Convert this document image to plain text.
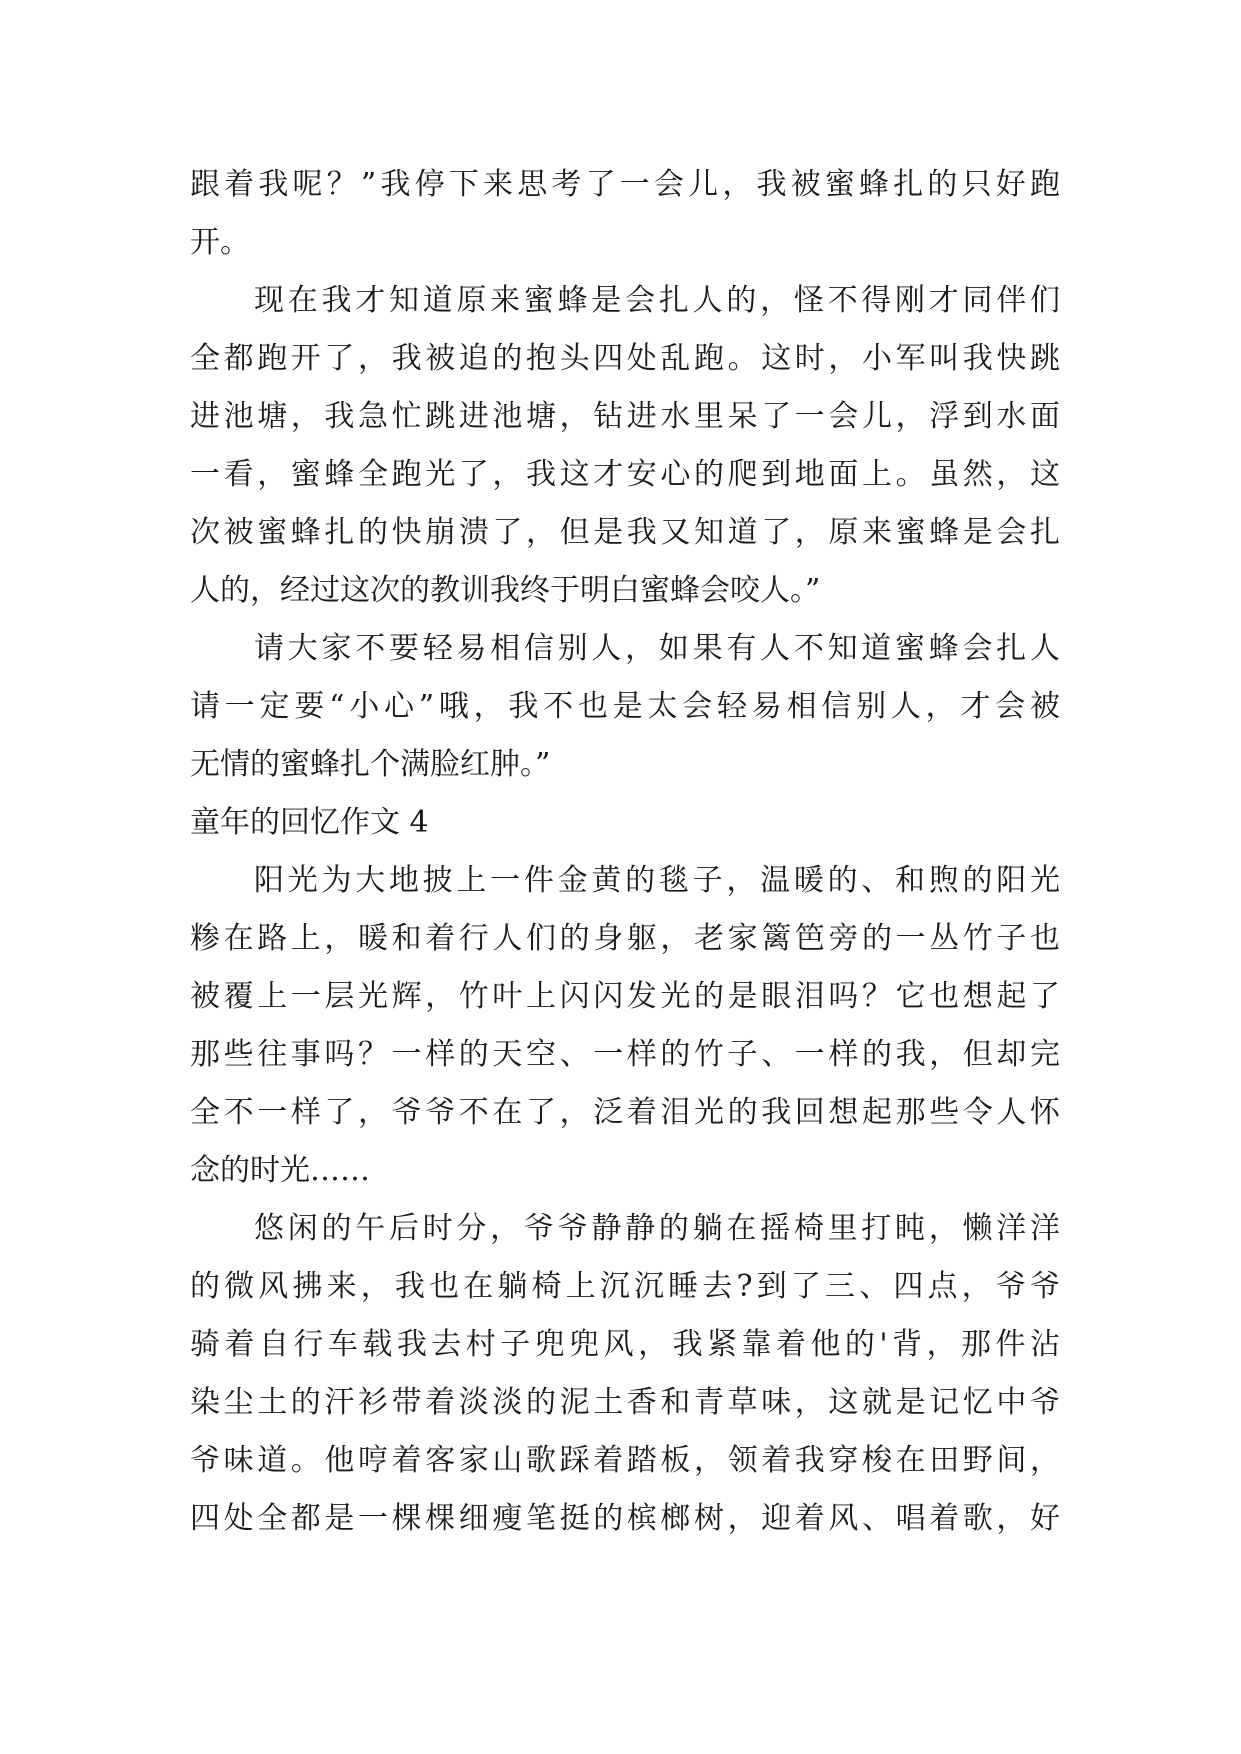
跟着我呢？”我停下来思考了一会儿，我被蜜蜂扎的只好跑
开。
现在我才知道原来蜜蜂是会扎人的，怪不得刚才同伴们
全都跑开了，我被追的抱头四处乱跑。这时，小军叫我快跳
进池塘，我急忙跳进池塘，钻进水里呆了一会儿，浮到水面
一看，蜜蜂全跑光了，我这才安心的爬到地面上。虽然，这
次被蜜蜂扎的快崩溃了，但是我又知道了，原来蜜蜂是会扎
人的，经过这次的教训我终于明白蜜蜂会咬人。”
请大家不要轻易相信别人，如果有人不知道蜜蜂会扎人
请一定要“小心”哦，我不也是太会轻易相信别人，才会被
无情的蜜蜂扎个满脸红肿。”
童年的回忆作文 4
阳光为大地披上一件金黄的毯子，温暖的、和煦的阳光
糁在路上，暖和着行人们的身躯，老家篱笆旁的一丛竹子也
被覆上一层光辉，竹叶上闪闪发光的是眼泪吗？它也想起了
那些往事吗？一样的天空、一样的竹子、一样的我，但却完
全不一样了，爷爷不在了，泛着泪光的我回想起那些令人怀
念的时光……
悠闲的午后时分，爷爷静静的躺在摇椅里打盹，懒洋洋
的微风拂来，我也在躺椅上沉沉睡去?到了三、四点，爷爷
骑着自行车载我去村子兜兜风，我紧靠着他的'背，那件沾
染尘土的汗衫带着淡淡的泥土香和青草味，这就是记忆中爷
爷味道。他哼着客家山歌踩着踏板，领着我穿梭在田野间，
四处全都是一棵棵细瘦笔挺的槟榔树，迎着风、唱着歌，好
